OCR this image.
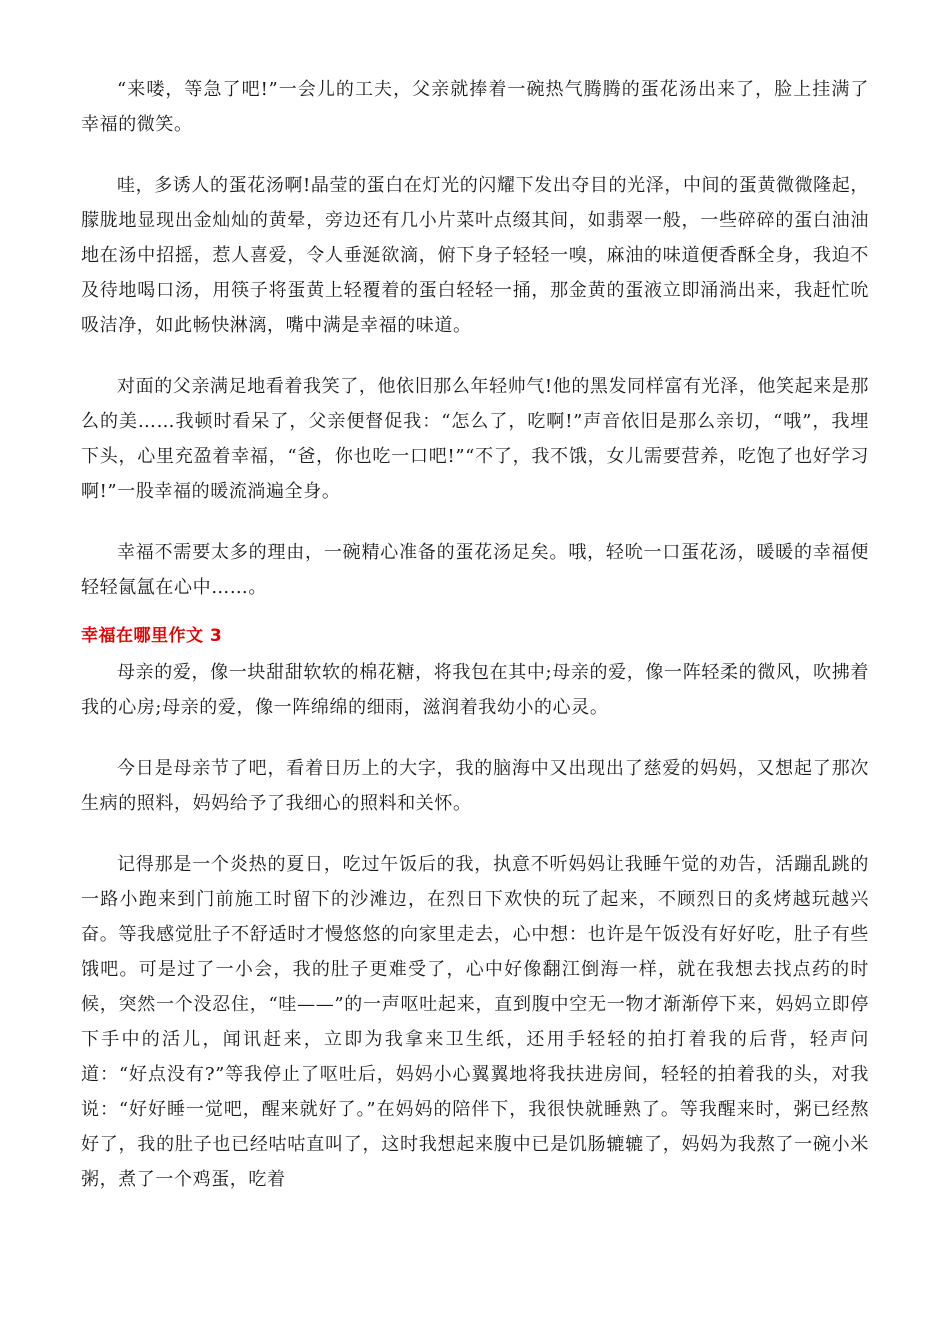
“来喽，等急了吧!”一会儿的工夫，父亲就捧着一碗热气腾腾的蛋花汤出来了，脸上挂满了幸福的微笑。

哇，多诱人的蛋花汤啊!晶莹的蛋白在灯光的闪耀下发出夺目的光泽，中间的蛋黄微微隆起，朦胧地显现出金灿灿的黄晕，旁边还有几小片菜叶点缀其间，如翡翠一般，一些碎碎的蛋白油油地在汤中招摇，惹人喜爱，令人垂涎欲滴，俯下身子轻轻一嗅，麻油的味道便香酥全身，我迫不及待地喝口汤，用筷子将蛋黄上轻覆着的蛋白轻轻一捅，那金黄的蛋液立即涌淌出来，我赶忙吮吸洁净，如此畅快淋漓，嘴中满是幸福的味道。

对面的父亲满足地看着我笑了，他依旧那么年轻帅气!他的黑发同样富有光泽，他笑起来是那么的美……我顿时看呆了，父亲便督促我：“怎么了，吃啊!”声音依旧是那么亲切，“哦”，我埋下头，心里充盈着幸福，“爸，你也吃一口吧!”“不了，我不饿，女儿需要营养，吃饱了也好学习啊!”一股幸福的暖流淌遍全身。

幸福不需要太多的理由，一碗精心准备的蛋花汤足矣。哦，轻吮一口蛋花汤，暖暖的幸福便轻轻氤氲在心中……。

幸福在哪里作文 3

母亲的爱，像一块甜甜软软的棉花糖，将我包在其中;母亲的爱，像一阵轻柔的微风，吹拂着我的心房;母亲的爱，像一阵绵绵的细雨，滋润着我幼小的心灵。

今日是母亲节了吧，看着日历上的大字，我的脑海中又出现出了慈爱的妈妈，又想起了那次生病的照料，妈妈给予了我细心的照料和关怀。

记得那是一个炎热的夏日，吃过午饭后的我，执意不听妈妈让我睡午觉的劝告，活蹦乱跳的一路小跑来到门前施工时留下的沙滩边，在烈日下欢快的玩了起来，不顾烈日的炙烤越玩越兴奋。等我感觉肚子不舒适时才慢悠悠的向家里走去，心中想：也许是午饭没有好好吃，肚子有些饿吧。可是过了一小会，我的肚子更难受了，心中好像翻江倒海一样，就在我想去找点药的时候，突然一个没忍住，“哇——”的一声呕吐起来，直到腹中空无一物才渐渐停下来，妈妈立即停下手中的活儿，闻讯赶来，立即为我拿来卫生纸，还用手轻轻的拍打着我的后背，轻声问道：“好点没有?”等我停止了呕吐后，妈妈小心翼翼地将我扶进房间，轻轻的拍着我的头，对我说：“好好睡一觉吧，醒来就好了。”在妈妈的陪伴下，我很快就睡熟了。等我醒来时，粥已经熬好了，我的肚子也已经咕咕直叫了，这时我想起来腹中已是饥肠辘辘了，妈妈为我熬了一碗小米粥，煮了一个鸡蛋，吃着
